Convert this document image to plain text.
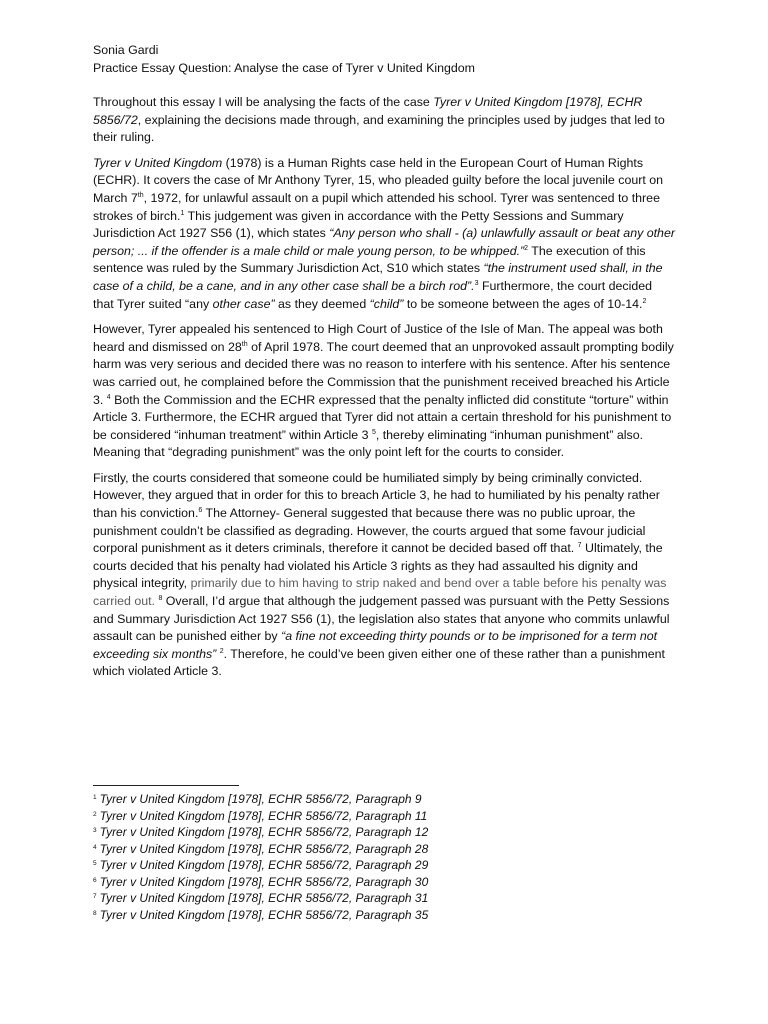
Sonia Gardi
Practice Essay Question: Analyse the case of Tyrer v United Kingdom

Throughout this essay I will be analysing the facts of the case Tyrer v United Kingdom [1978], ECHR 5856/72, explaining the decisions made through, and examining the principles used by judges that led to their ruling.

Tyrer v United Kingdom (1978) is a Human Rights case held in the European Court of Human Rights (ECHR). It covers the case of Mr Anthony Tyrer, 15, who pleaded guilty before the local juvenile court on March 7th, 1972, for unlawful assault on a pupil which attended his school. Tyrer was sentenced to three strokes of birch.$^1$ This judgement was given in accordance with the Petty Sessions and Summary Jurisdiction Act 1927 S56 (1), which states “Any person who shall - (a) unlawfully assault or beat any other person; ... if the offender is a male child or male young person, to be whipped.”$^2$ The execution of this sentence was ruled by the Summary Jurisdiction Act, S10 which states “the instrument used shall, in the case of a child, be a cane, and in any other case shall be a birch rod”.$^3$ Furthermore, the court decided that Tyrer suited “any other case” as they deemed “child” to be someone between the ages of 10-14.$^2$

However, Tyrer appealed his sentenced to High Court of Justice of the Isle of Man. The appeal was both heard and dismissed on 28th of April 1978. The court deemed that an unprovoked assault prompting bodily harm was very serious and decided there was no reason to interfere with his sentence. After his sentence was carried out, he complained before the Commission that the punishment received breached his Article 3. $^4$ Both the Commission and the ECHR expressed that the penalty inflicted did constitute “torture” within Article 3. Furthermore, the ECHR argued that Tyrer did not attain a certain threshold for his punishment to be considered “inhuman treatment” within Article 3 $^5$, thereby eliminating “inhuman punishment” also. Meaning that “degrading punishment” was the only point left for the courts to consider.

Firstly, the courts considered that someone could be humiliated simply by being criminally convicted. However, they argued that in order for this to breach Article 3, he had to humiliated by his penalty rather than his conviction.$^6$ The Attorney- General suggested that because there was no public uproar, the punishment couldn’t be classified as degrading. However, the courts argued that some favour judicial corporal punishment as it deters criminals, therefore it cannot be decided based off that. $^7$ Ultimately, the courts decided that his penalty had violated his Article 3 rights as they had assaulted his dignity and physical integrity, primarily due to him having to strip naked and bend over a table before his penalty was carried out. $^8$ Overall, I’d argue that although the judgement passed was pursuant with the Petty Sessions and Summary Jurisdiction Act 1927 S56 (1), the legislation also states that anyone who commits unlawful assault can be punished either by “a fine not exceeding thirty pounds or to be imprisoned for a term not exceeding six months” $^2$. Therefore, he could’ve been given either one of these rather than a punishment which violated Article 3.

$^1$ Tyrer v United Kingdom [1978], ECHR 5856/72, Paragraph 9
$^2$ Tyrer v United Kingdom [1978], ECHR 5856/72, Paragraph 11
$^3$ Tyrer v United Kingdom [1978], ECHR 5856/72, Paragraph 12
$^4$ Tyrer v United Kingdom [1978], ECHR 5856/72, Paragraph 28
$^5$ Tyrer v United Kingdom [1978], ECHR 5856/72, Paragraph 29
$^6$ Tyrer v United Kingdom [1978], ECHR 5856/72, Paragraph 30
$^7$ Tyrer v United Kingdom [1978], ECHR 5856/72, Paragraph 31
$^8$ Tyrer v United Kingdom [1978], ECHR 5856/72, Paragraph 35
